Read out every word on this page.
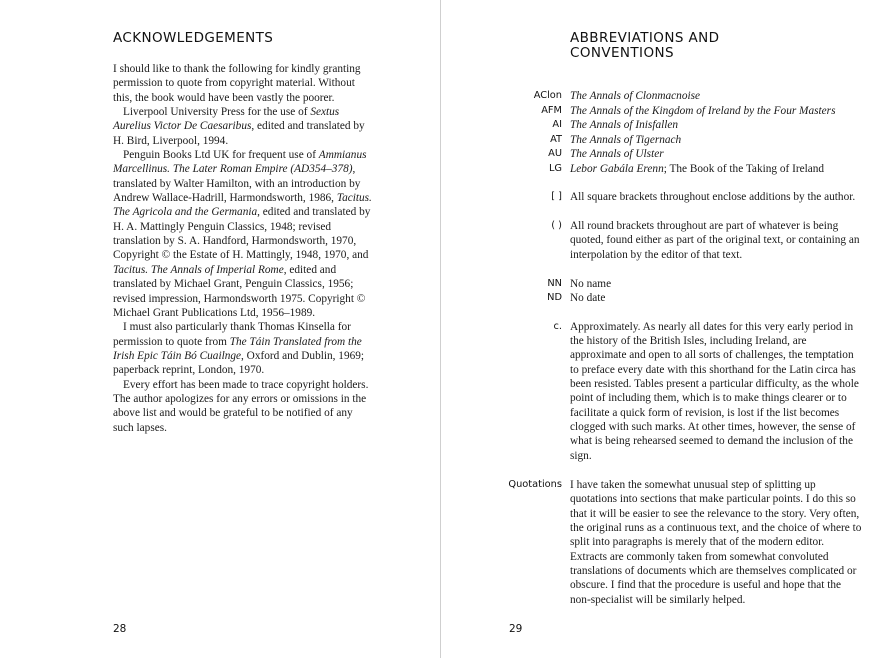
ACKNOWLEDGEMENTS

I should like to thank the following for kindly granting permission to quote from copyright material. Without this, the book would have been vastly the poorer.

Liverpool University Press for the use of Sextus Aurelius Victor De Caesaribus, edited and translated by H. Bird, Liverpool, 1994.

Penguin Books Ltd UK for frequent use of Ammianus Marcellinus. The Later Roman Empire (AD354–378), translated by Walter Hamilton, with an introduction by Andrew Wallace-Hadrill, Harmondsworth, 1986, Tacitus. The Agricola and the Germania, edited and translated by H. A. Mattingly Penguin Classics, 1948; revised translation by S. A. Handford, Harmondsworth, 1970, Copyright © the Estate of H. Mattingly, 1948, 1970, and Tacitus. The Annals of Imperial Rome, edited and translated by Michael Grant, Penguin Classics, 1956; revised impression, Harmondsworth 1975. Copyright © Michael Grant Publications Ltd, 1956–1989.

I must also particularly thank Thomas Kinsella for permission to quote from The Táin Translated from the Irish Epic Táin Bó Cuailnge, Oxford and Dublin, 1969; paperback reprint, London, 1970.

Every effort has been made to trace copyright holders. The author apologizes for any errors or omissions in the above list and would be grateful to be notified of any such lapses.

28
ABBREVIATIONS AND
CONVENTIONS
AClon The Annals of Clonmacnoise
AFM The Annals of the Kingdom of Ireland by the Four Masters
AI The Annals of Inisfallen
AT The Annals of Tigernach
AU The Annals of Ulster
LG Lebor Gabála Erenn; The Book of the Taking of Ireland
[ ] All square brackets throughout enclose additions by the author.
( ) All round brackets throughout are part of whatever is being quoted, found either as part of the original text, or containing an interpolation by the editor of that text.
NN No name
ND No date
c. Approximately. As nearly all dates for this very early period in the history of the British Isles, including Ireland, are approximate and open to all sorts of challenges, the temptation to preface every date with this shorthand for the Latin circa has been resisted. Tables present a particular difficulty, as the whole point of including them, which is to make things clearer or to facilitate a quick form of revision, is lost if the list becomes clogged with such marks. At other times, however, the sense of what is being rehearsed seemed to demand the inclusion of the sign.
Quotations I have taken the somewhat unusual step of splitting up quotations into sections that make particular points. I do this so that it will be easier to see the relevance to the story. Very often, the original runs as a continuous text, and the choice of where to split into paragraphs is merely that of the modern editor. Extracts are commonly taken from somewhat convoluted translations of documents which are themselves complicated or obscure. I find that the procedure is useful and hope that the non-specialist will be similarly helped.
29
